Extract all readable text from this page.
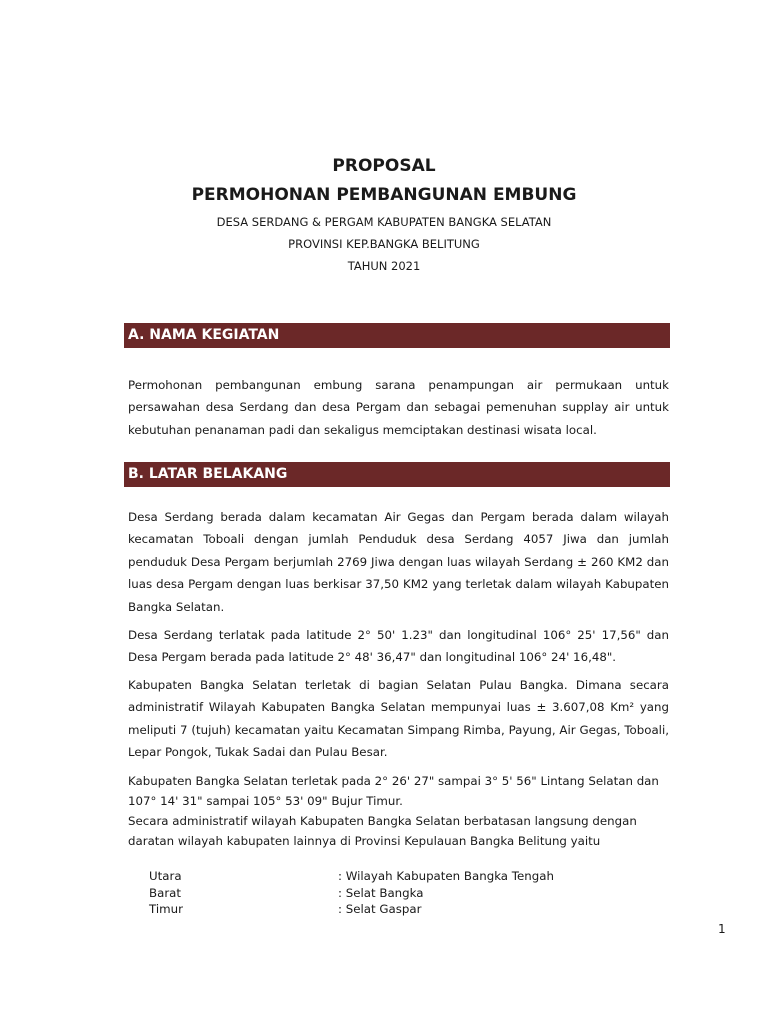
PROPOSAL
PERMOHONAN PEMBANGUNAN EMBUNG
DESA SERDANG & PERGAM KABUPATEN BANGKA SELATAN
PROVINSI KEP.BANGKA BELITUNG
TAHUN 2021
A. NAMA KEGIATAN
Permohonan pembangunan embung sarana penampungan air permukaan untuk persawahan desa Serdang dan desa Pergam dan sebagai pemenuhan supplay air untuk kebutuhan penanaman padi dan sekaligus memciptakan destinasi wisata local.
B. LATAR BELAKANG
Desa Serdang berada dalam kecamatan Air Gegas dan Pergam berada dalam wilayah kecamatan Toboali dengan jumlah Penduduk desa Serdang 4057 Jiwa dan jumlah penduduk Desa Pergam berjumlah 2769 Jiwa dengan luas wilayah Serdang ± 260 KM2 dan luas desa Pergam dengan luas berkisar 37,50 KM2 yang terletak dalam wilayah Kabupaten Bangka Selatan.
Desa Serdang terlatak pada latitude 2° 50' 1.23" dan longitudinal 106° 25' 17,56" dan Desa Pergam berada pada latitude 2° 48' 36,47" dan longitudinal 106° 24' 16,48".
Kabupaten Bangka Selatan terletak di bagian Selatan Pulau Bangka. Dimana secara administratif Wilayah Kabupaten Bangka Selatan mempunyai luas ± 3.607,08 Km² yang meliputi 7 (tujuh) kecamatan yaitu Kecamatan Simpang Rimba, Payung, Air Gegas, Toboali, Lepar Pongok, Tukak Sadai dan Pulau Besar.
Kabupaten Bangka Selatan terletak pada 2° 26' 27" sampai 3° 5' 56" Lintang Selatan dan 107° 14' 31" sampai 105° 53' 09" Bujur Timur.
Secara administratif wilayah Kabupaten Bangka Selatan berbatasan langsung dengan daratan wilayah kabupaten lainnya di Provinsi Kepulauan Bangka Belitung yaitu
Utara	: Wilayah Kabupaten Bangka Tengah
Barat	: Selat Bangka
Timur	: Selat Gaspar
1
